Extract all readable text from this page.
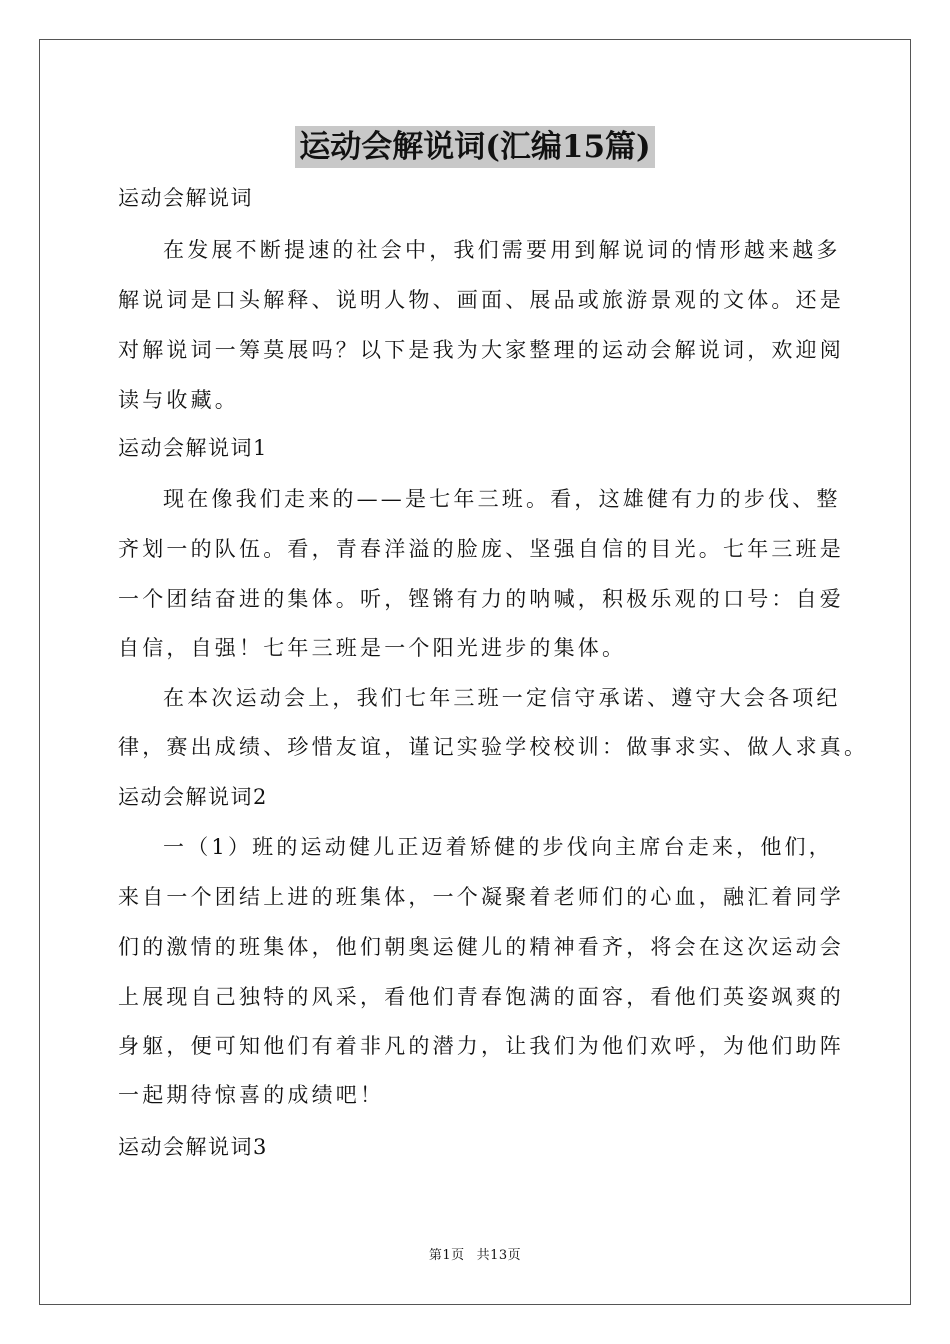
运动会解说词(汇编15篇)
运动会解说词
在发展不断提速的社会中，我们需要用到解说词的情形越来越多
解说词是口头解释、说明人物、画面、展品或旅游景观的文体。还是
对解说词一筹莫展吗？以下是我为大家整理的运动会解说词，欢迎阅
读与收藏。
运动会解说词1
现在像我们走来的——是七年三班。看，这雄健有力的步伐、整
齐划一的队伍。看，青春洋溢的脸庞、坚强自信的目光。七年三班是
一个团结奋进的集体。听，铿锵有力的呐喊，积极乐观的口号：自爱
自信，自强！七年三班是一个阳光进步的集体。
在本次运动会上，我们七年三班一定信守承诺、遵守大会各项纪
律，赛出成绩、珍惜友谊，谨记实验学校校训：做事求实、做人求真。
运动会解说词2
一（1）班的运动健儿正迈着矫健的步伐向主席台走来，他们，
来自一个团结上进的班集体，一个凝聚着老师们的心血，融汇着同学
们的激情的班集体，他们朝奥运健儿的精神看齐，将会在这次运动会
上展现自己独特的风采，看他们青春饱满的面容，看他们英姿飒爽的
身躯，便可知他们有着非凡的潜力，让我们为他们欢呼，为他们助阵
一起期待惊喜的成绩吧！
运动会解说词3
第1页 共13页
